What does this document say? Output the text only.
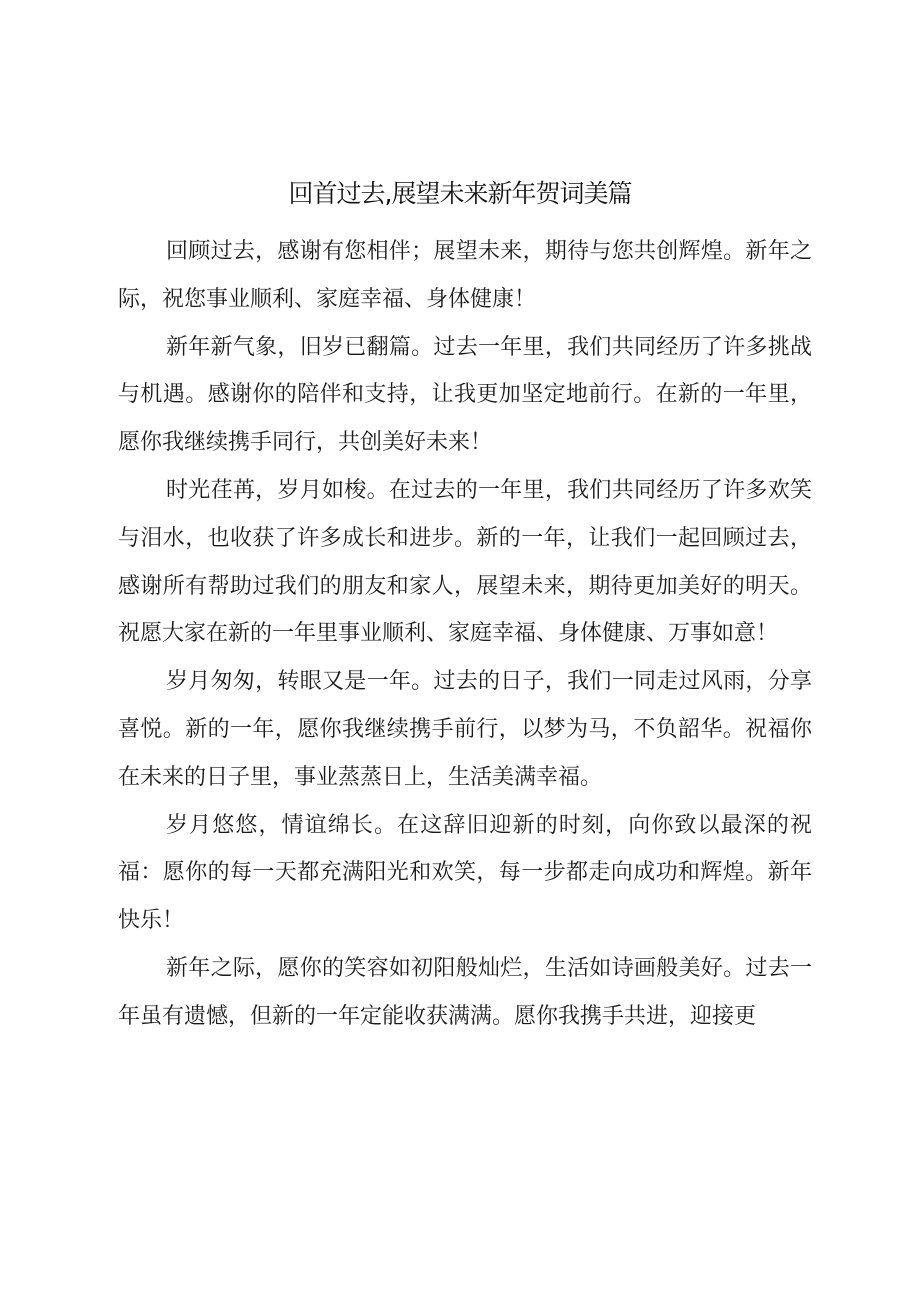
回首过去,展望未来新年贺词美篇

回顾过去，感谢有您相伴；展望未来，期待与您共创辉煌。新年之际，祝您事业顺利、家庭幸福、身体健康！

新年新气象，旧岁已翻篇。过去一年里，我们共同经历了许多挑战与机遇。感谢你的陪伴和支持，让我更加坚定地前行。在新的一年里，愿你我继续携手同行，共创美好未来！

时光荏苒，岁月如梭。在过去的一年里，我们共同经历了许多欢笑与泪水，也收获了许多成长和进步。新的一年，让我们一起回顾过去，感谢所有帮助过我们的朋友和家人，展望未来，期待更加美好的明天。祝愿大家在新的一年里事业顺利、家庭幸福、身体健康、万事如意！

岁月匆匆，转眼又是一年。过去的日子，我们一同走过风雨，分享喜悦。新的一年，愿你我继续携手前行，以梦为马，不负韶华。祝福你在未来的日子里，事业蒸蒸日上，生活美满幸福。

岁月悠悠，情谊绵长。在这辞旧迎新的时刻，向你致以最深的祝福：愿你的每一天都充满阳光和欢笑，每一步都走向成功和辉煌。新年快乐！

新年之际，愿你的笑容如初阳般灿烂，生活如诗画般美好。过去一年虽有遗憾，但新的一年定能收获满满。愿你我携手共进，迎接更
